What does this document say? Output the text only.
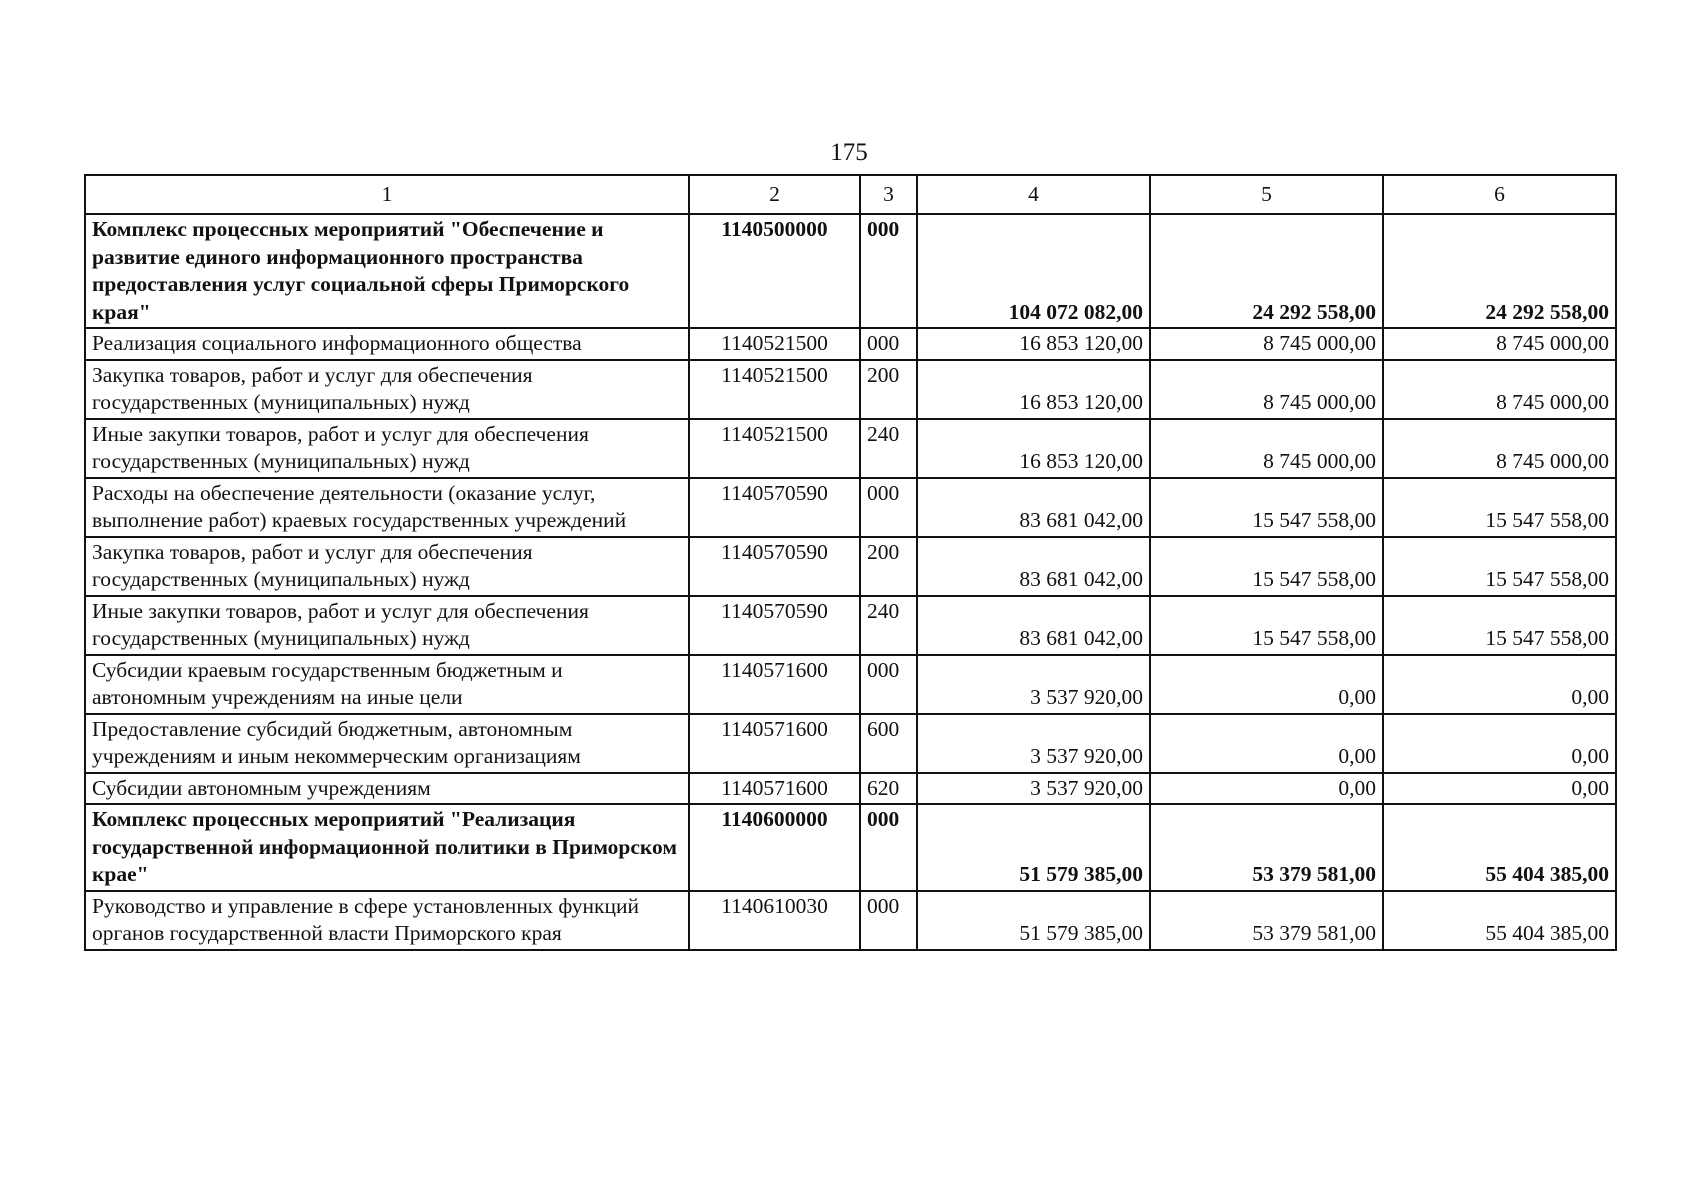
175
1	2	3	4	5	6
Комплекс процессных мероприятий "Обеспечение и развитие единого информационного пространства предоставления услуг социальной сферы Приморского края"	1140500000	000	104 072 082,00	24 292 558,00	24 292 558,00
Реализация социального информационного общества	1140521500	000	16 853 120,00	8 745 000,00	8 745 000,00
Закупка товаров, работ и услуг для обеспечения государственных (муниципальных) нужд	1140521500	200	16 853 120,00	8 745 000,00	8 745 000,00
Иные закупки товаров, работ и услуг для обеспечения государственных (муниципальных) нужд	1140521500	240	16 853 120,00	8 745 000,00	8 745 000,00
Расходы на обеспечение деятельности (оказание услуг, выполнение работ) краевых государственных учреждений	1140570590	000	83 681 042,00	15 547 558,00	15 547 558,00
Закупка товаров, работ и услуг для обеспечения государственных (муниципальных) нужд	1140570590	200	83 681 042,00	15 547 558,00	15 547 558,00
Иные закупки товаров, работ и услуг для обеспечения государственных (муниципальных) нужд	1140570590	240	83 681 042,00	15 547 558,00	15 547 558,00
Субсидии краевым государственным бюджетным и автономным учреждениям на иные цели	1140571600	000	3 537 920,00	0,00	0,00
Предоставление субсидий бюджетным, автономным учреждениям и иным некоммерческим организациям	1140571600	600	3 537 920,00	0,00	0,00
Субсидии автономным учреждениям	1140571600	620	3 537 920,00	0,00	0,00
Комплекс процессных мероприятий "Реализация государственной информационной политики в Приморском крае"	1140600000	000	51 579 385,00	53 379 581,00	55 404 385,00
Руководство и управление в сфере установленных функций органов государственной власти Приморского края	1140610030	000	51 579 385,00	53 379 581,00	55 404 385,00
